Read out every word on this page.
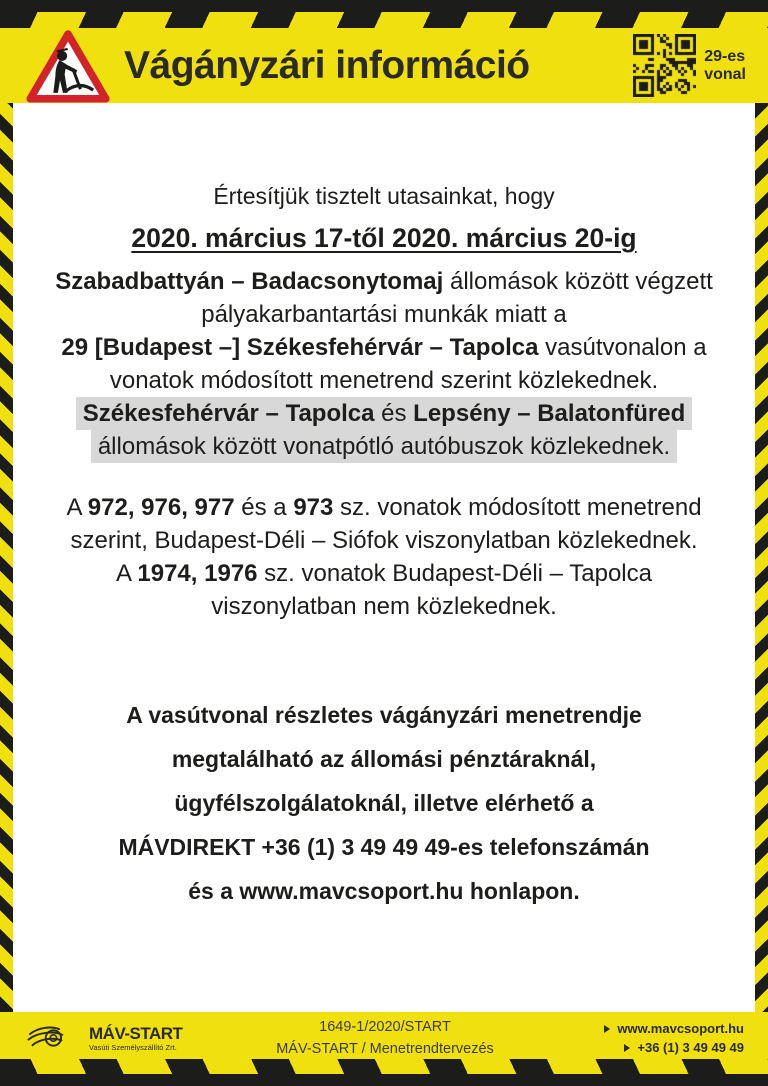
Vágányzári információ	29-es
vonal
Értesítjük tisztelt utasainkat, hogy
2020. március 17-től 2020. március 20-ig
Szabadbattyán – Badacsonytomaj állomások között végzett
pályakarbantartási munkák miatt a
29 [Budapest –] Székesfehérvár – Tapolca vasútvonalon a
vonatok módosított menetrend szerint közlekednek.
Székesfehérvár – Tapolca és Lepsény – Balatonfüred
állomások között vonatpótló autóbuszok közlekednek.
A 972, 976, 977 és a 973 sz. vonatok módosított menetrend
szerint, Budapest-Déli – Siófok viszonylatban közlekednek.
A 1974, 1976 sz. vonatok Budapest-Déli – Tapolca
viszonylatban nem közlekednek.
A vasútvonal részletes vágányzári menetrendje
megtalálható az állomási pénztáraknál,
ügyfélszolgálatoknál, illetve elérhető a
MÁVDIREKT +36 (1) 3 49 49 49-es telefonszámán
és a www.mavcsoport.hu honlapon.
MÁV-START
Vasúti Személyszállító Zrt.
1649-1/2020/START
MÁV-START / Menetrendtervezés
www.mavcsoport.hu
+36 (1) 3 49 49 49
